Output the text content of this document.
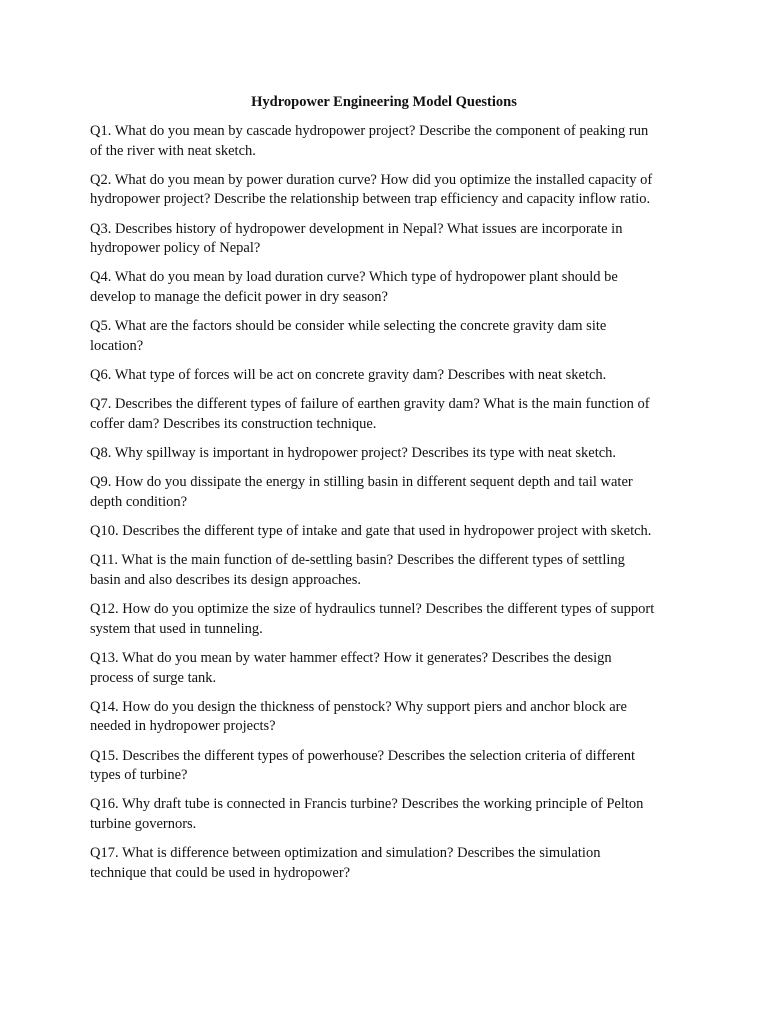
Hydropower Engineering Model Questions
Q1. What do you mean by cascade hydropower project? Describe the component of peaking run
of the river with neat sketch.
Q2. What do you mean by power duration curve? How did you optimize the installed capacity of
hydropower project? Describe the relationship between trap efficiency and capacity inflow ratio.
Q3. Describes history of hydropower development in Nepal? What issues are incorporate in
hydropower policy of Nepal?
Q4. What do you mean by load duration curve? Which type of hydropower plant should be
develop to manage the deficit power in dry season?
Q5. What are the factors should be consider while selecting the concrete gravity dam site
location?
Q6. What type of forces will be act on concrete gravity dam? Describes with neat sketch.
Q7. Describes the different types of failure of earthen gravity dam? What is the main function of
coffer dam? Describes its construction technique.
Q8. Why spillway is important in hydropower project? Describes its type with neat sketch.
Q9. How do you dissipate the energy in stilling basin in different sequent depth and tail water
depth condition?
Q10. Describes the different type of intake and gate that used in hydropower project with sketch.
Q11. What is the main function of de-settling basin? Describes the different types of settling
basin and also describes its design approaches.
Q12. How do you optimize the size of hydraulics tunnel? Describes the different types of support
system that used in tunneling.
Q13. What do you mean by water hammer effect? How it generates? Describes the design
process of surge tank.
Q14. How do you design the thickness of penstock? Why support piers and anchor block are
needed in hydropower projects?
Q15. Describes the different types of powerhouse? Describes the selection criteria of different
types of turbine?
Q16. Why draft tube is connected in Francis turbine? Describes the working principle of Pelton
turbine governors.
Q17. What is difference between optimization and simulation? Describes the simulation
technique that could be used in hydropower?
